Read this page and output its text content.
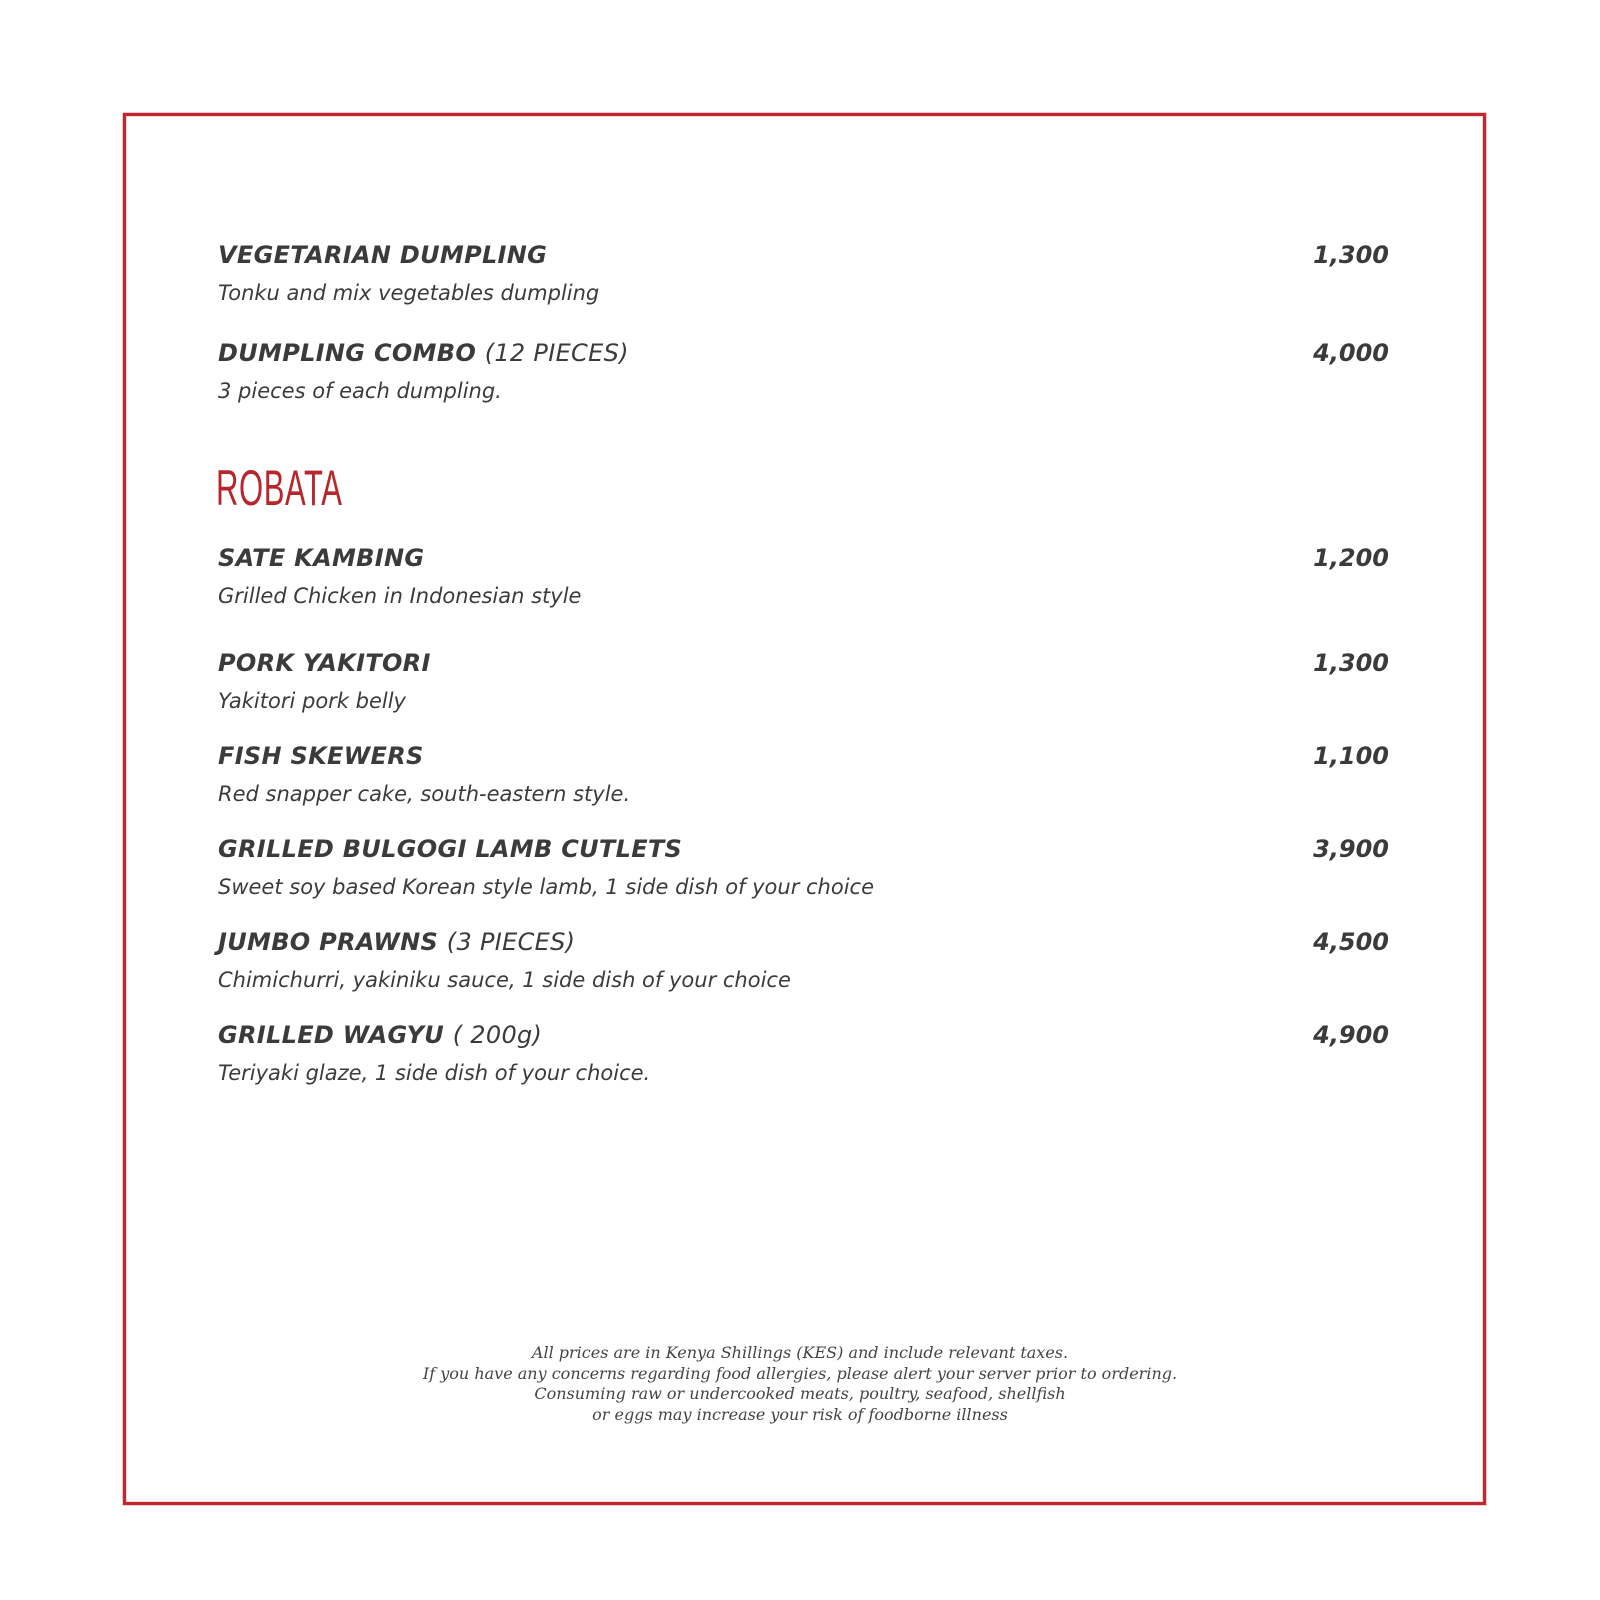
VEGETARIAN DUMPLING	1,300
Tonku and mix vegetables dumpling
DUMPLING COMBO (12 PIECES)	4,000
3 pieces of each dumpling.
ROBATA
SATE KAMBING	1,200
Grilled Chicken in Indonesian style
PORK YAKITORI	1,300
Yakitori pork belly
FISH SKEWERS	1,100
Red snapper cake, south-eastern style.
GRILLED BULGOGI LAMB CUTLETS	3,900
Sweet soy based Korean style lamb, 1 side dish of your choice
JUMBO PRAWNS (3 PIECES)	4,500
Chimichurri, yakiniku sauce, 1 side dish of your choice
GRILLED WAGYU ( 200g)	4,900
Teriyaki glaze, 1 side dish of your choice.
All prices are in Kenya Shillings (KES) and include relevant taxes.
If you have any concerns regarding food allergies, please alert your server prior to ordering.
Consuming raw or undercooked meats, poultry, seafood, shellfish
or eggs may increase your risk of foodborne illness
